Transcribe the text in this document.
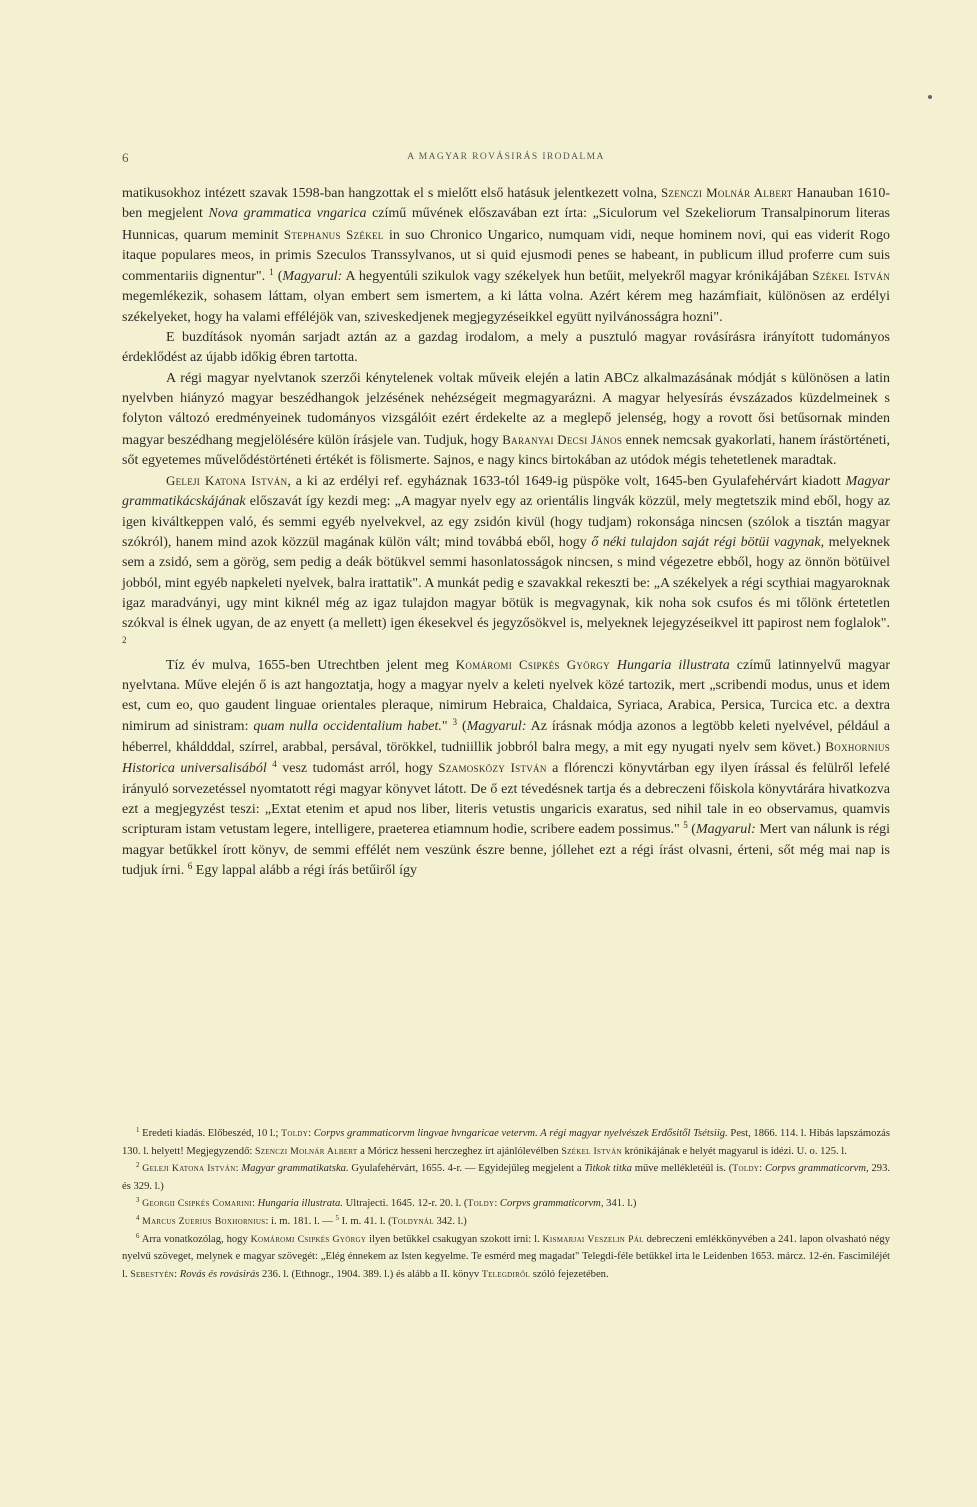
6	A MAGYAR ROVÁSIRÁS IRODALMA

matikusokhoz intézett szavak 1598-ban hangzottak el s mielőtt első hatásuk jelentkezett volna, Szenczi Molnár Albert Hanauban 1610-ben megjelent Nova grammatica vngarica czímű művének előszavában ezt írta: „Siculorum vel Szekeliorum Transalpinorum literas Hunnicas, quarum meminit Stephanus Székel in suo Chronico Ungarico, numquam vidi, neque hominem novi, qui eas viderit Rogo itaque populares meos, in primis Szeculos Transsylvanos, ut si quid ejusmodi penes se habeant, in publicum illud proferre cum suis commentariis dignentur". $^1$ (Magyarul: A hegyentúli szikulok vagy székelyek hun betűit, melyekről magyar krónikájában Székel István megemlékezik, sohasem láttam, olyan embert sem ismertem, a ki látta volna. Azért kérem meg hazámfiait, különösen az erdélyi székelyeket, hogy ha valami efféléjök van, sziveskedjenek megjegyzéseikkel együtt nyilvánosságra hozni".

E buzdítások nyomán sarjadt aztán az a gazdag irodalom, a mely a pusztuló magyar rovásírásra irányított tudományos érdeklődést az újabb időkig ébren tartotta.

A régi magyar nyelvtanok szerzői kénytelenek voltak műveik elején a latin ABCz alkalmazásának módját s különösen a latin nyelvben hiányzó magyar beszédhangok jelzésének nehézségeit megmagyarázni. A magyar helyesírás évszázados küzdelmeinek s folyton változó eredményeinek tudományos vizsgálóit ezért érdekelte az a meglepő jelenség, hogy a rovott ősi betűsornak minden magyar beszédhang megjelölésére külön írásjele van. Tudjuk, hogy Baranyai Decsi János ennek nemcsak gyakorlati, hanem írástörténeti, sőt egyetemes művelődéstörténeti értékét is fölismerte. Sajnos, e nagy kincs birtokában az utódok mégis tehetetlenek maradtak.

Geleji Katona István, a ki az erdélyi ref. egyháznak 1633-tól 1649-ig püspöke volt, 1645-ben Gyulafehérvárt kiadott Magyar grammatikácskájának előszavát így kezdi meg: „A magyar nyelv egy az orientális lingvák közzül, mely megtetszik mind eből, hogy az igen kiváltkeppen való, és semmi egyéb nyelvekvel, az egy zsidón kivül (hogy tudjam) rokonsága nincsen (szólok a tisztán magyar szókról), hanem mind azok közzül magának külön vált; mind továbbá eből, hogy ő néki tulajdon saját régi bötüi vagynak, melyeknek sem a zsidó, sem a görög, sem pedig a deák bötükvel semmi hasonlatosságok nincsen, s mind végezetre ebből, hogy az önnön bötüivel jobból, mint egyéb napkeleti nyelvek, balra irattatik". A munkát pedig e szavakkal rekeszti be: „A székelyek a régi scythiai magyaroknak igaz maradványi, ugy mint kiknél még az igaz tulajdon magyar bötük is megvagynak, kik noha sok csufos és mi tőlönk értetetlen szókval is élnek ugyan, de az enyett (a mellett) igen ékesekvel és jegyzősökvel is, melyeknek lejegyzéseikvel itt papirost nem foglalok". $^2$

Tíz év mulva, 1655-ben Utrechtben jelent meg Komáromi Csipkés György Hungaria illustrata czímű latinnyelvű magyar nyelvtana. Műve elején ő is azt hangoztatja, hogy a magyar nyelv a keleti nyelvek közé tartozik, mert „scribendi modus, unus et idem est, cum eo, quo gaudent linguae orientales pleraque, nimirum Hebraica, Chaldaica, Syriaca, Arabica, Persica, Turcica etc. a dextra nimirum ad sinistram: quam nulla occidentalium habet." $^3$ (Magyarul: Az írásnak módja azonos a legtöbb keleti nyelvével, például a héberrel, kháldddal, szírrel, arabbal, persával, törökkel, tudniillik jobbról balra megy, a mit egy nyugati nyelv sem követ.) Boxhornius Historica universalisából $^4$ vesz tudomást arról, hogy Szamosközy István a flórenczi könyvtárban egy ilyen írással és felülről lefelé irányuló sorvezetéssel nyomtatott régi magyar könyvet látott. De ő ezt tévedésnek tartja és a debreczeni főiskola könyvtárára hivatkozva ezt a megjegyzést teszi: „Extat etenim et apud nos liber, literis vetustis ungaricis exaratus, sed nihil tale in eo observamus, quamvis scripturam istam vetustam legere, intelligere, praeterea etiamnum hodie, scribere eadem possimus." $^5$ (Magyarul: Mert van nálunk is régi magyar betűkkel írott könyv, de semmi effélét nem veszünk észre benne, jóllehet ezt a régi írást olvasni, érteni, sőt még mai nap is tudjuk írni. $^6$ Egy lappal alább a régi írás betűiről így

$^1$ Eredeti kiadás. Előbeszéd, 10 l.; Toldy: Corpvs grammaticorvm lingvae hvngaricae vetervm. A régi magyar nyelvészek Erdősitől Tsétsiig. Pest, 1866. 114. l. Hibás lapszámozás 130. l. helyett! Megjegyzendő: Szenczi Molnár Albert a Móricz hesseni herczeghez írt ajánlólevélben Székel István krónikájának e helyét magyarul is idézi. U. o. 125. l.

$^2$ Geleji Katona István: Magyar grammatikatska. Gyulafehérvárt, 1655. 4-r. — Egyidejűleg megjelent a Titkok titka műve mellékletéül is. (Toldy: Corpvs grammaticorvm, 293. és 329. l.)

$^3$ Georgii Csipkés Comarini: Hungaria illustrata. Ultrajecti. 1645. 12-r. 20. l. (Toldy: Corpvs grammaticorvm, 341. l.)

$^4$ Marcus Zuerius Boxhornius: i. m. 181. l. — $^5$ I. m. 41. l. (Toldynál 342. l.)

$^6$ Arra vonatkozólag, hogy Komáromi Csipkés György ilyen betűkkel csakugyan szokott irni: l. Kismarjai Veszelin Pál debreczeni emlékkönyvében a 241. lapon olvasható négy nyelvű szöveget, melynek e magyar szövegét: „Elég énnekem az Isten kegyelme. Te esmérd meg magadat" Telegdi-féle betűkkel irta le Leidenben 1653. márcz. 12-én. Fascimiléjét l. Sebestyén: Rovás és rovásirás 236. l. (Ethnogr., 1904. 389. l.) és alább a II. könyv Telegdiről szóló fejezetében.
